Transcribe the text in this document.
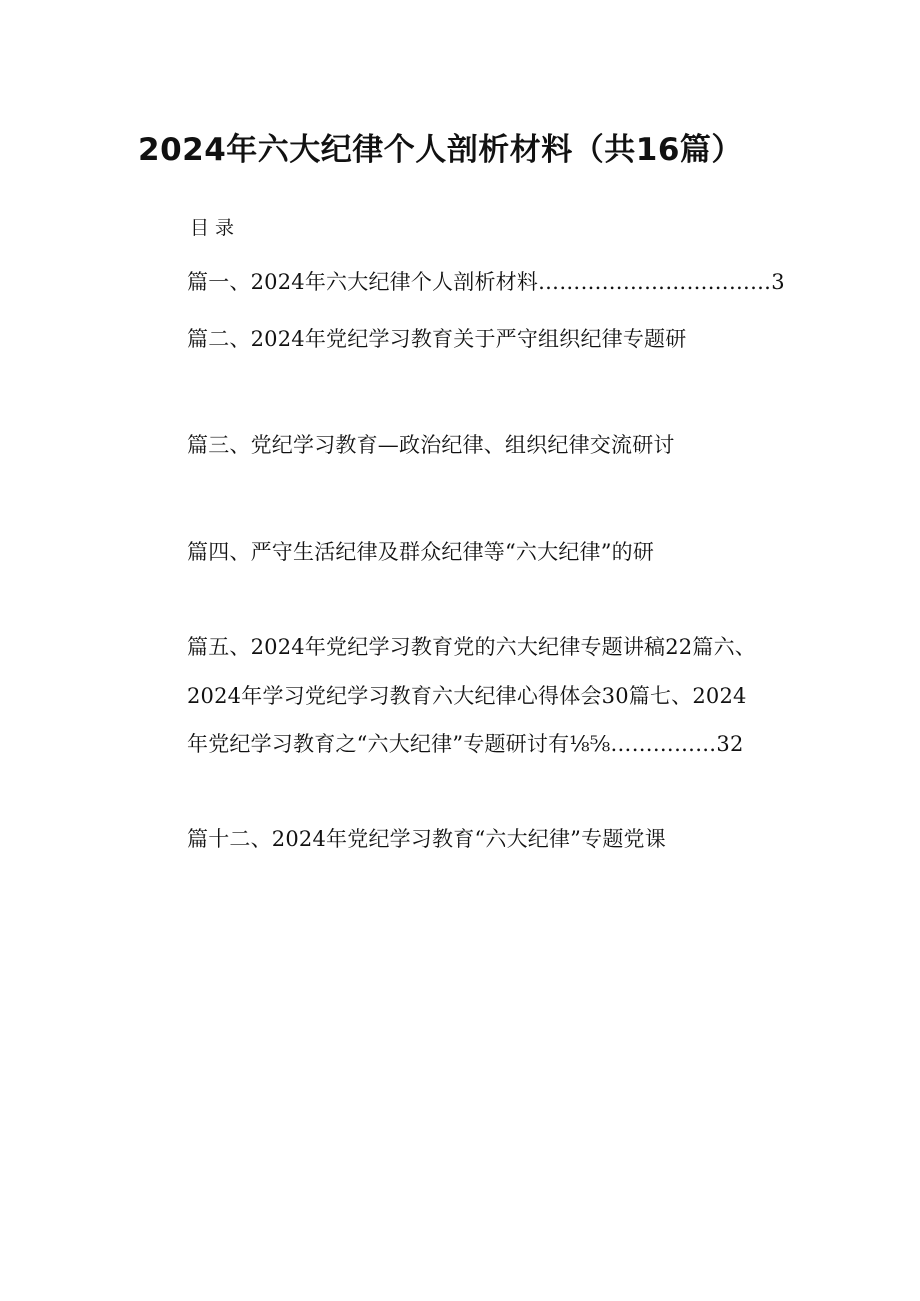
2024年六大纪律个人剖析材料（共16篇）
目录
篇一、2024年六大纪律个人剖析材料……………………………3
篇二、2024年党纪学习教育关于严守组织纪律专题研
篇三、党纪学习教育—政治纪律、组织纪律交流研讨
篇四、严守生活纪律及群众纪律等“六大纪律”的研
篇五、2024年党纪学习教育党的六大纪律专题讲稿22篇六、
2024年学习党纪学习教育六大纪律心得体会30篇七、2024
年党纪学习教育之“六大纪律”专题研讨有⅛⅝……………32
篇十二、2024年党纪学习教育“六大纪律”专题党课
